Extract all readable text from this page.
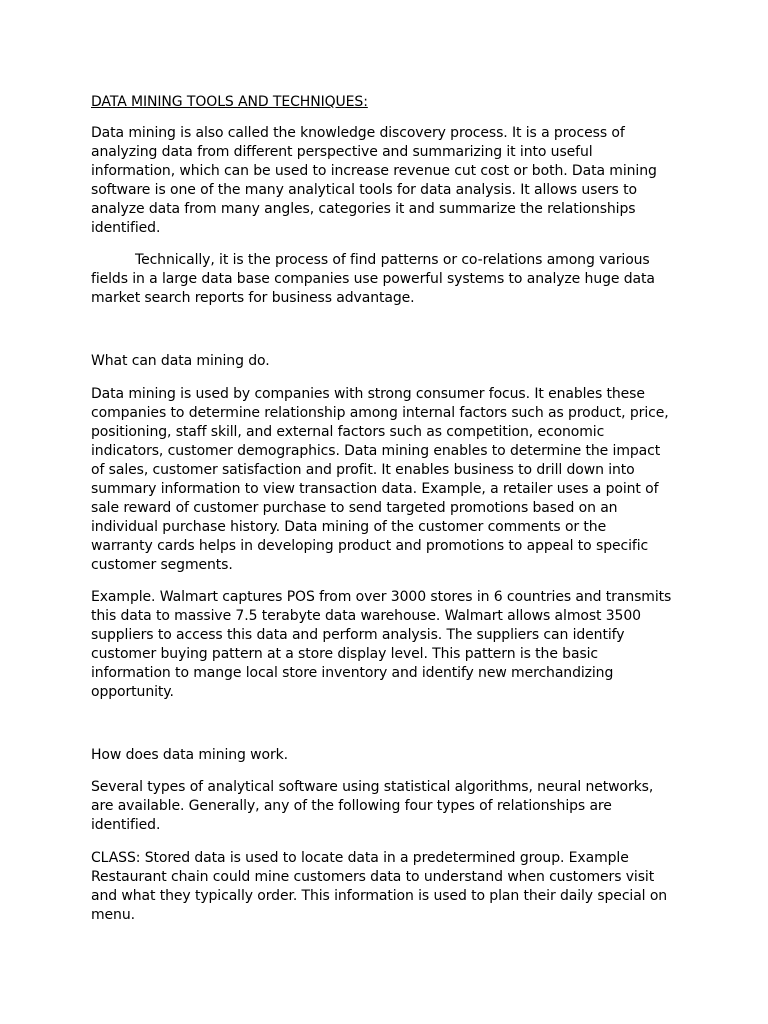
DATA MINING TOOLS AND TECHNIQUES:
Data mining is also called the knowledge discovery process. It is a process of
analyzing data from different perspective and summarizing it into useful
information, which can be used to increase revenue cut cost or both. Data mining
software is one of the many analytical tools for data analysis. It allows users to
analyze data from many angles, categories it and summarize the relationships
identified.
Technically, it is the process of find patterns or co-relations among various
fields in a large data base companies use powerful systems to analyze huge data
market search reports for business advantage.
What can data mining do.
Data mining is used by companies with strong consumer focus. It enables these
companies to determine relationship among internal factors such as product, price,
positioning, staff skill, and external factors such as competition, economic
indicators, customer demographics. Data mining enables to determine the impact
of sales, customer satisfaction and profit. It enables business to drill down into
summary information to view transaction data. Example, a retailer uses a point of
sale reward of customer purchase to send targeted promotions based on an
individual purchase history. Data mining of the customer comments or the
warranty cards helps in developing product and promotions to appeal to specific
customer segments.
Example. Walmart captures POS from over 3000 stores in 6 countries and transmits
this data to massive 7.5 terabyte data warehouse. Walmart allows almost 3500
suppliers to access this data and perform analysis. The suppliers can identify
customer buying pattern at a store display level. This pattern is the basic
information to mange local store inventory and identify new merchandizing
opportunity.
How does data mining work.
Several types of analytical software using statistical algorithms, neural networks,
are available. Generally, any of the following four types of relationships are
identified.
CLASS: Stored data is used to locate data in a predetermined group. Example
Restaurant chain could mine customers data to understand when customers visit
and what they typically order. This information is used to plan their daily special on
menu.
